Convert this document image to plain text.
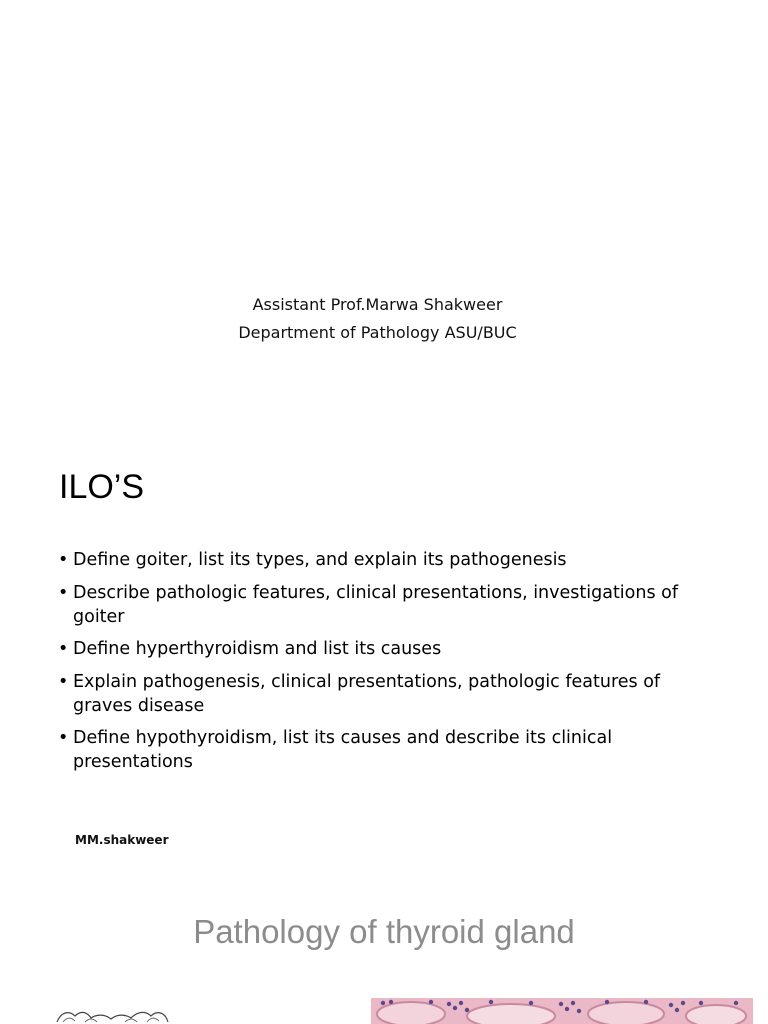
Assistant Prof.Marwa Shakweer
Department of Pathology ASU/BUC
ILO’S
• Define goiter, list its types, and explain its pathogenesis
• Describe pathologic features, clinical presentations, investigations of goiter
• Define hyperthyroidism and list its causes
• Explain pathogenesis, clinical presentations, pathologic features of graves disease
• Define hypothyroidism, list its causes and describe its clinical presentations
MM.shakweer
Pathology of thyroid gland
